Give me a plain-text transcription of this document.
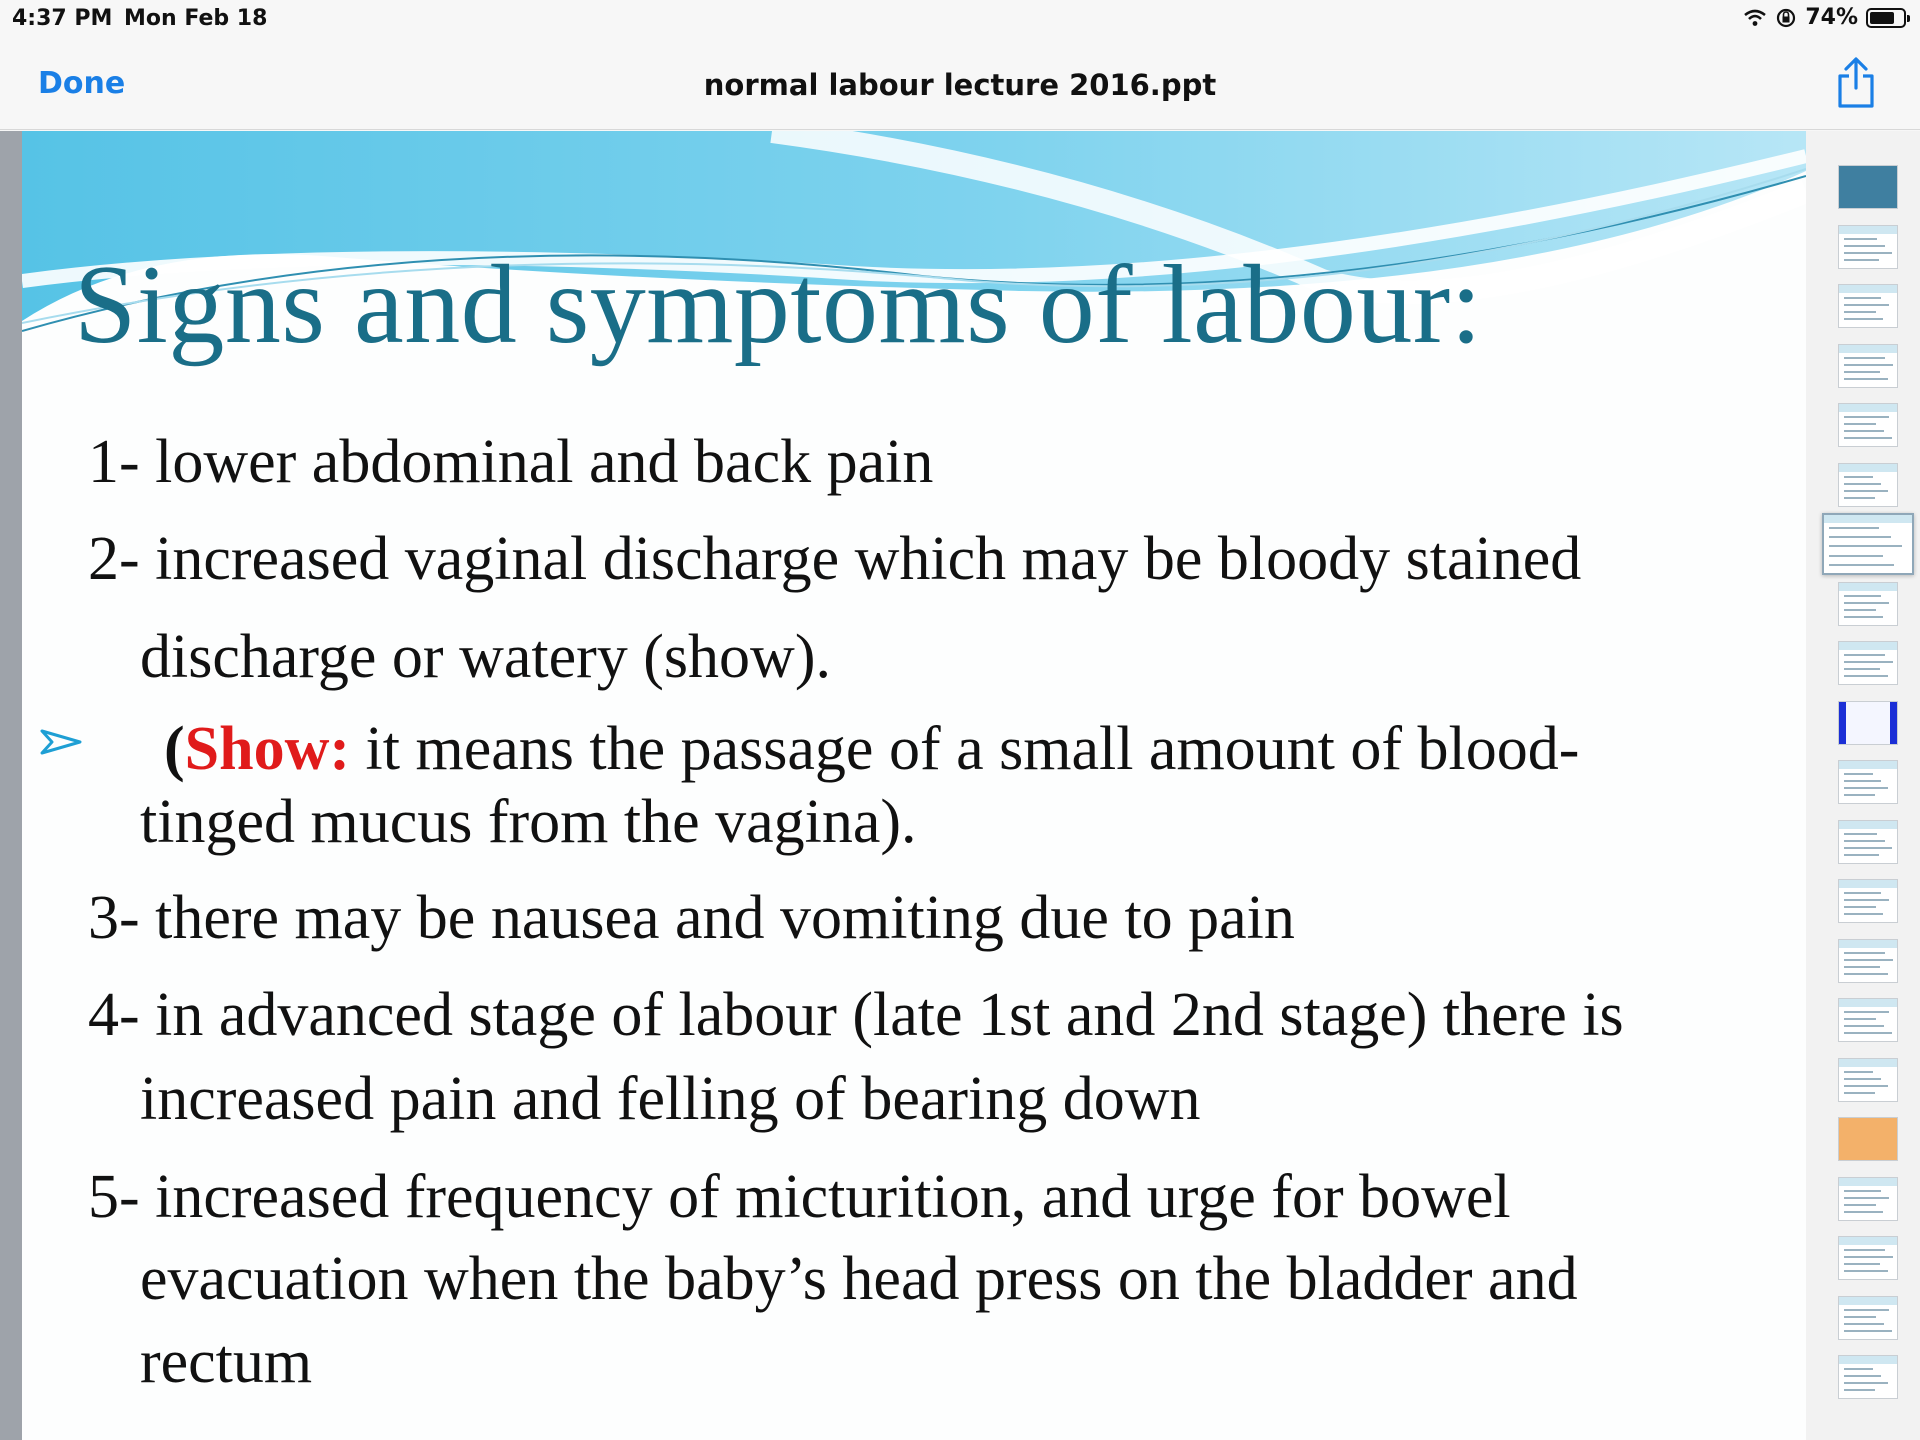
4:37 PM Mon Feb 18	74%
Done	normal labour lecture 2016.ppt
Signs and symptoms of labour:
1- lower abdominal and back pain
2- increased vaginal discharge which may be bloody stained
discharge or watery (show).
(Show: it means the passage of a small amount of blood-
tinged mucus from the vagina).
3- there may be nausea and vomiting due to pain
4- in advanced stage of labour (late 1st and 2nd stage) there is
increased pain and felling of bearing down
5- increased frequency of micturition, and urge for bowel
evacuation when the baby’s head press on the bladder and
rectum
